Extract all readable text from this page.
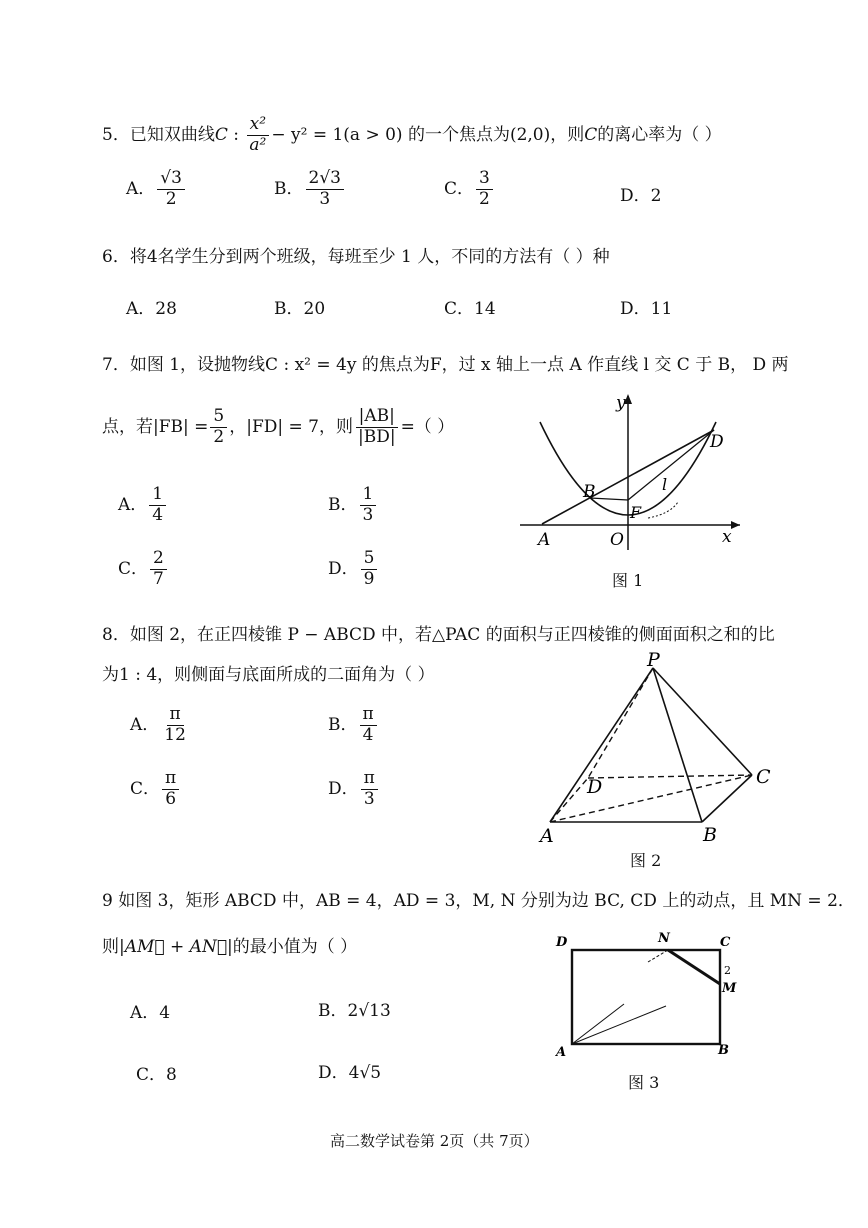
5．已知双曲线C : $\frac{\text{x²}}{\text{a²}} - y^2 = 1(a > 0)$ 的一个焦点为(2,0)，则C的离心率为（ ）
A． $\frac{√3}{2}$	B． $\frac{2√3}{3}$	C． $\frac{3}{2}$	D．2
6．将4名学生分到两个班级，每班至少 1 人，不同的方法有（ ）种
A．28	B．20	C．14	D．11
7．如图 1，设抛物线C : x² = 4y 的焦点为F，过 x 轴上一点 A 作直线 l 交 C 于 B， D 两
点，若$|FB| = \frac{5}{2}$ ，|FD| = 7，则 $\frac{|AB|}{|BD|}$ =（ ）
A． $\frac{1}{4}$	B． $\frac{1}{3}$
C． $\frac{2}{7}$	D． $\frac{5}{9}$
y
x
O
A
B
D
F
l
图 1
8．如图 2，在正四棱锥 P − ABCD 中，若△PAC 的面积与正四棱锥的侧面面积之和的比
为1 : 4，则侧面与底面所成的二面角为（ ）
A． $\frac{\pi}{12}$	B． $\frac{\pi}{4}$
C． $\frac{\pi}{6}$	D． $\frac{\pi}{3}$
P
A	B
C
D
图 2
9 如图 3，矩形 ABCD 中，AB = 4，AD = 3，M, N 分别为边 BC, CD 上的动点，且 MN = 2．
则|AM⃗ + AN⃗|的最小值为（ ）
A．4	B．2√13
C．8	D．4√5
D	N	C
M
2
A	B
图 3
高二数学试卷第 2页（共 7页）
